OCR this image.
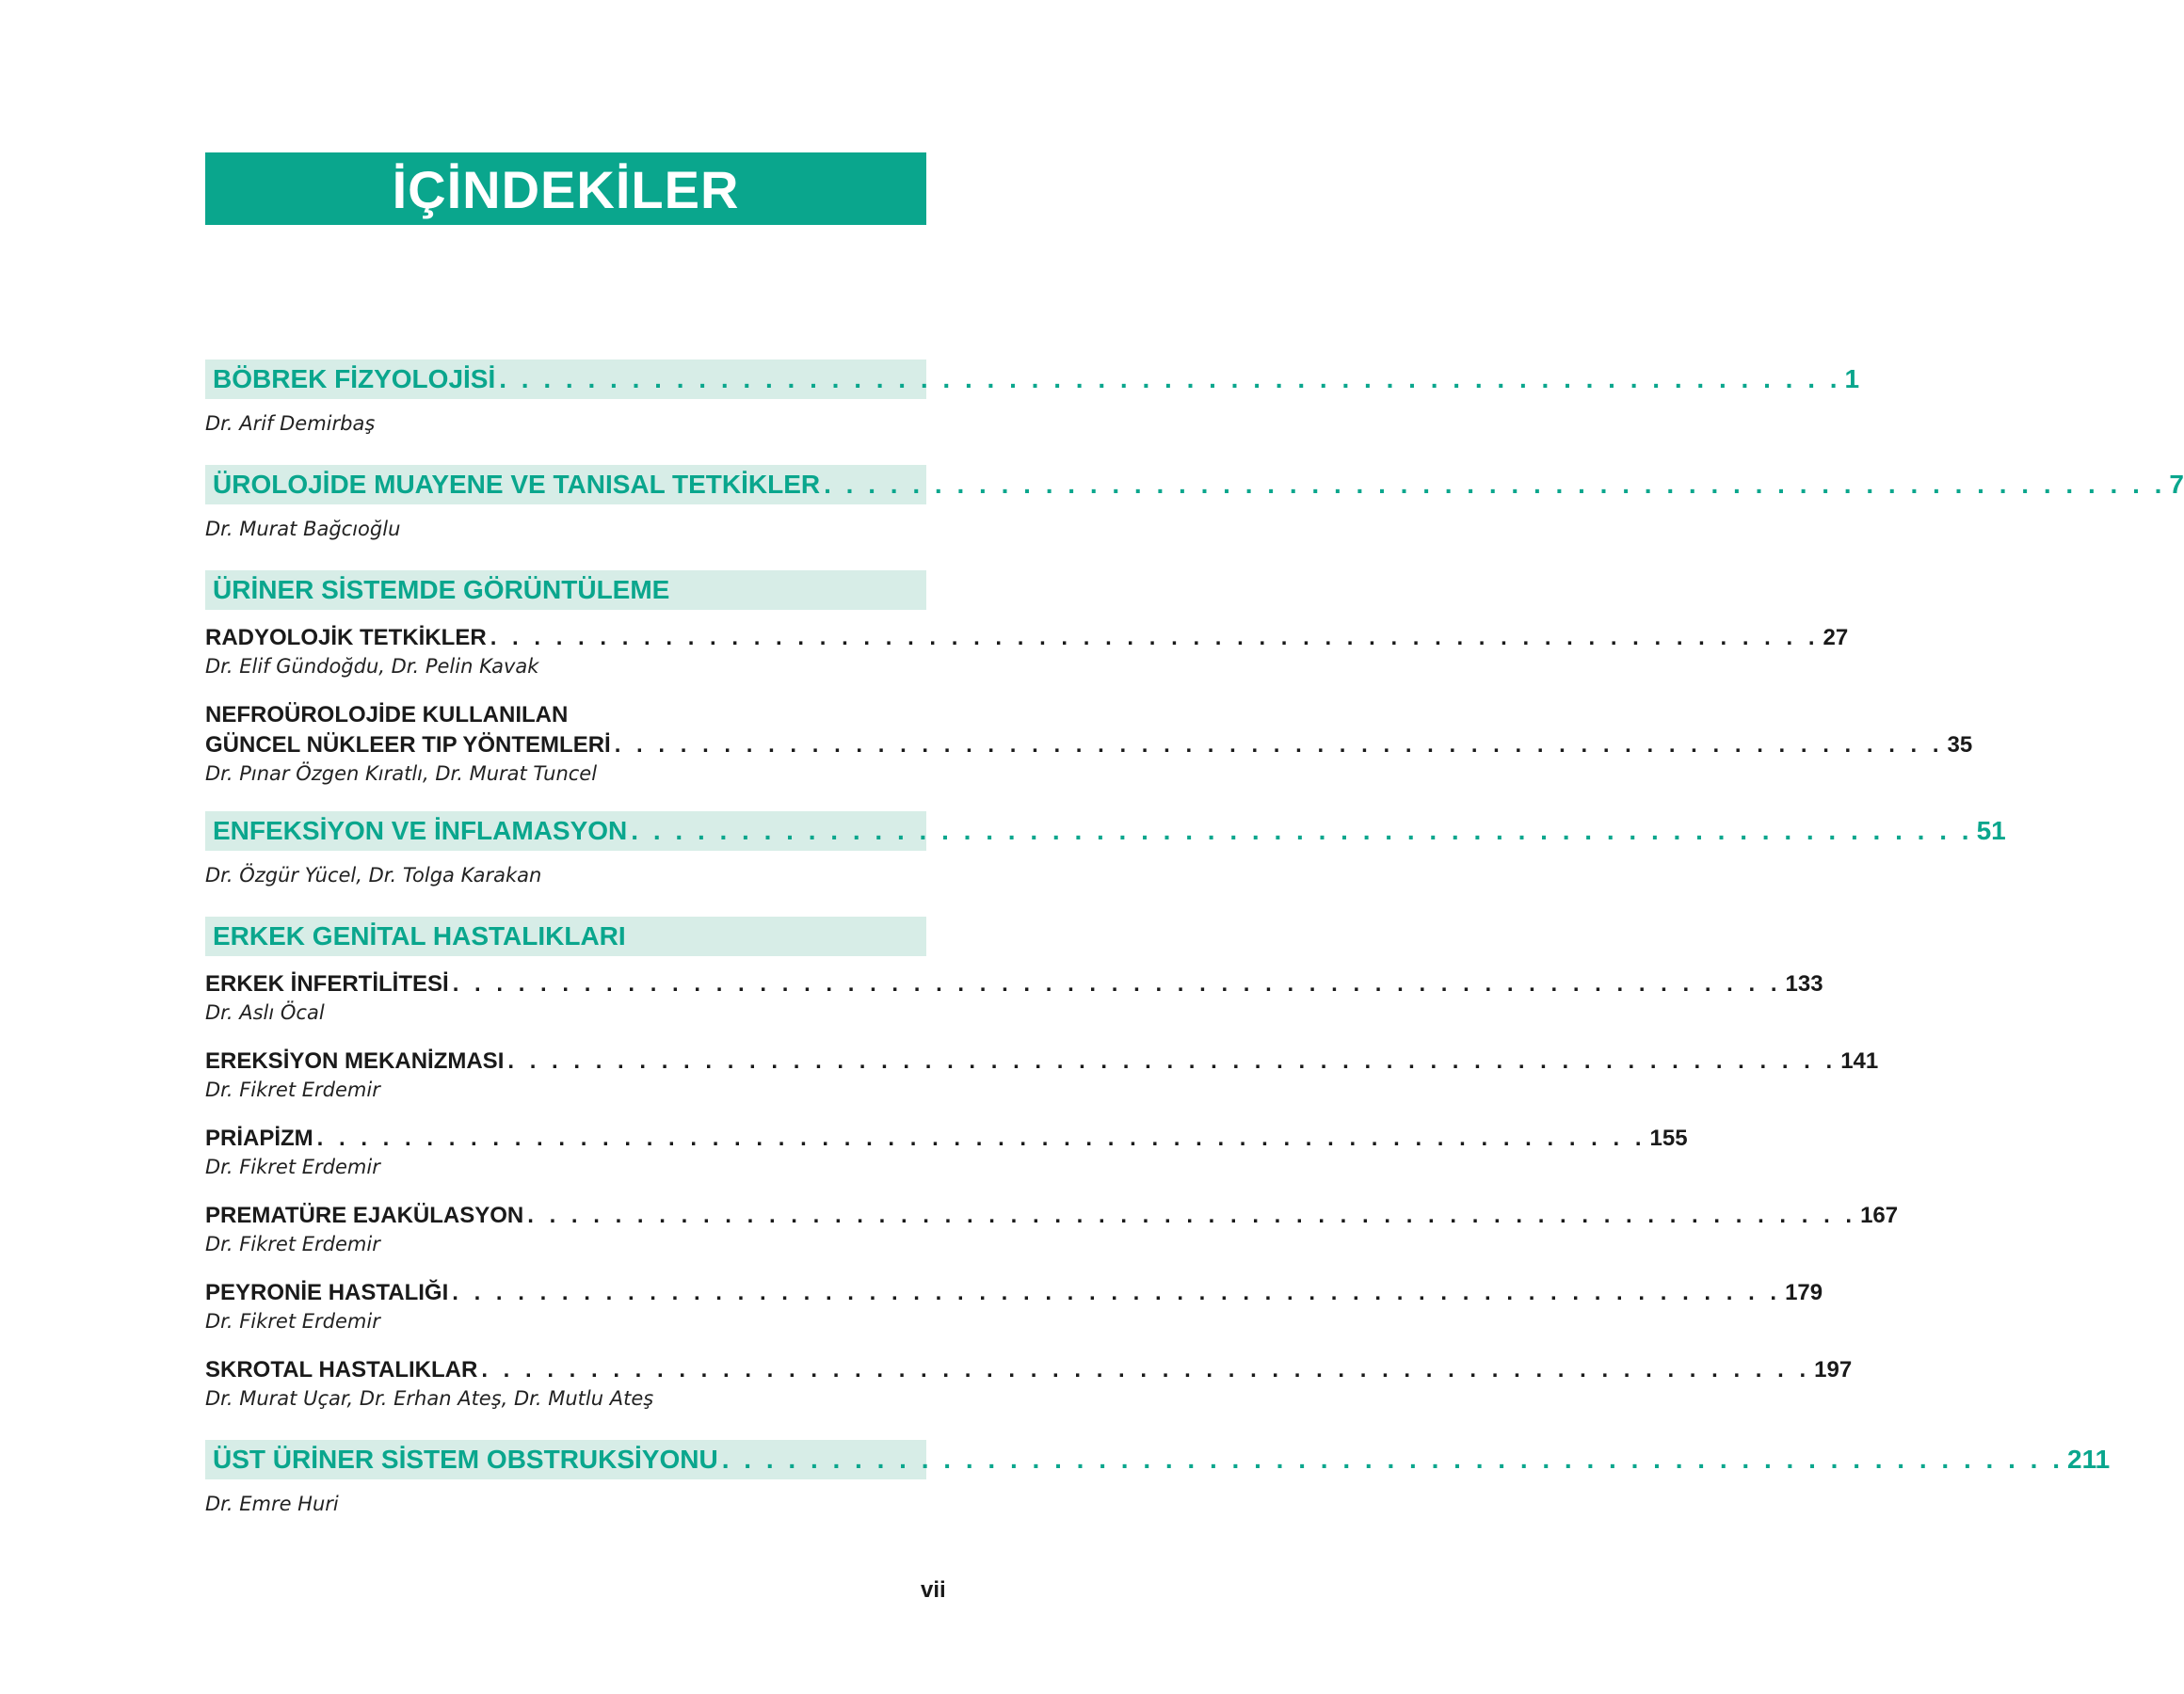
İÇİNDEKİLER
BÖBREK FİZYOLOJİSİ . . . . . . . . . . . . . . . . . . . . . . . . . . . . . . . . . . . . . . . . . . . . . . . . . . . . . . . . . . . . . 1
Dr. Arif Demirbaş
ÜROLOJİDE MUAYENE VE TANISAL TETKİKLER . . . . . . . . . . . . . . . . . . . . . . . . . . . . . . . . . . . . . . . . . . . . . . . . . . . . . . . . . . . . . 7
Dr. Murat Bağcıoğlu
ÜRİNER SİSTEMDE GÖRÜNTÜLEME
RADYOLOJİK TETKİKLER . . . . . . . . . . . . . . . . . . . . . . . . . . . . . . . . . . . . . . . . . . . . . . . . . . . . . . . . . . . . . 27
Dr. Elif Gündoğdu, Dr. Pelin Kavak
NEFROÜROLOJİDE KULLANILAN
GÜNCEL NÜKLEER TIP YÖNTEMLERİ . . . . . . . . . . . . . . . . . . . . . . . . . . . . . . . . . . . . . . . . . . . . . . . . . . . . . . . . . . . . . 35
Dr. Pınar Özgen Kıratlı, Dr. Murat Tuncel
ENFEKSİYON VE İNFLAMASYON . . . . . . . . . . . . . . . . . . . . . . . . . . . . . . . . . . . . . . . . . . . . . . . . . . . . . . . . . . . . . 51
Dr. Özgür Yücel, Dr. Tolga Karakan
ERKEK GENİTAL HASTALIKLARI
ERKEK İNFERTİLİTESİ . . . . . . . . . . . . . . . . . . . . . . . . . . . . . . . . . . . . . . . . . . . . . . . . . . . . . . . . . . . . . 133
Dr. Aslı Öcal
EREKSİYON MEKANİZMASI . . . . . . . . . . . . . . . . . . . . . . . . . . . . . . . . . . . . . . . . . . . . . . . . . . . . . . . . . . . . . 141
Dr. Fikret Erdemir
PRİAPİZM . . . . . . . . . . . . . . . . . . . . . . . . . . . . . . . . . . . . . . . . . . . . . . . . . . . . . . . . . . . . . 155
Dr. Fikret Erdemir
PREMATÜRE EJAKÜLASYON . . . . . . . . . . . . . . . . . . . . . . . . . . . . . . . . . . . . . . . . . . . . . . . . . . . . . . . . . . . . . 167
Dr. Fikret Erdemir
PEYRONİE HASTALIĞI . . . . . . . . . . . . . . . . . . . . . . . . . . . . . . . . . . . . . . . . . . . . . . . . . . . . . . . . . . . . . 179
Dr. Fikret Erdemir
SKROTAL HASTALIKLAR . . . . . . . . . . . . . . . . . . . . . . . . . . . . . . . . . . . . . . . . . . . . . . . . . . . . . . . . . . . . . 197
Dr. Murat Uçar, Dr. Erhan Ateş, Dr. Mutlu Ateş
ÜST ÜRİNER SİSTEM OBSTRUKSİYONU . . . . . . . . . . . . . . . . . . . . . . . . . . . . . . . . . . . . . . . . . . . . . . . . . . . . . . . . . . . . . 211
Dr. Emre Huri
vii
